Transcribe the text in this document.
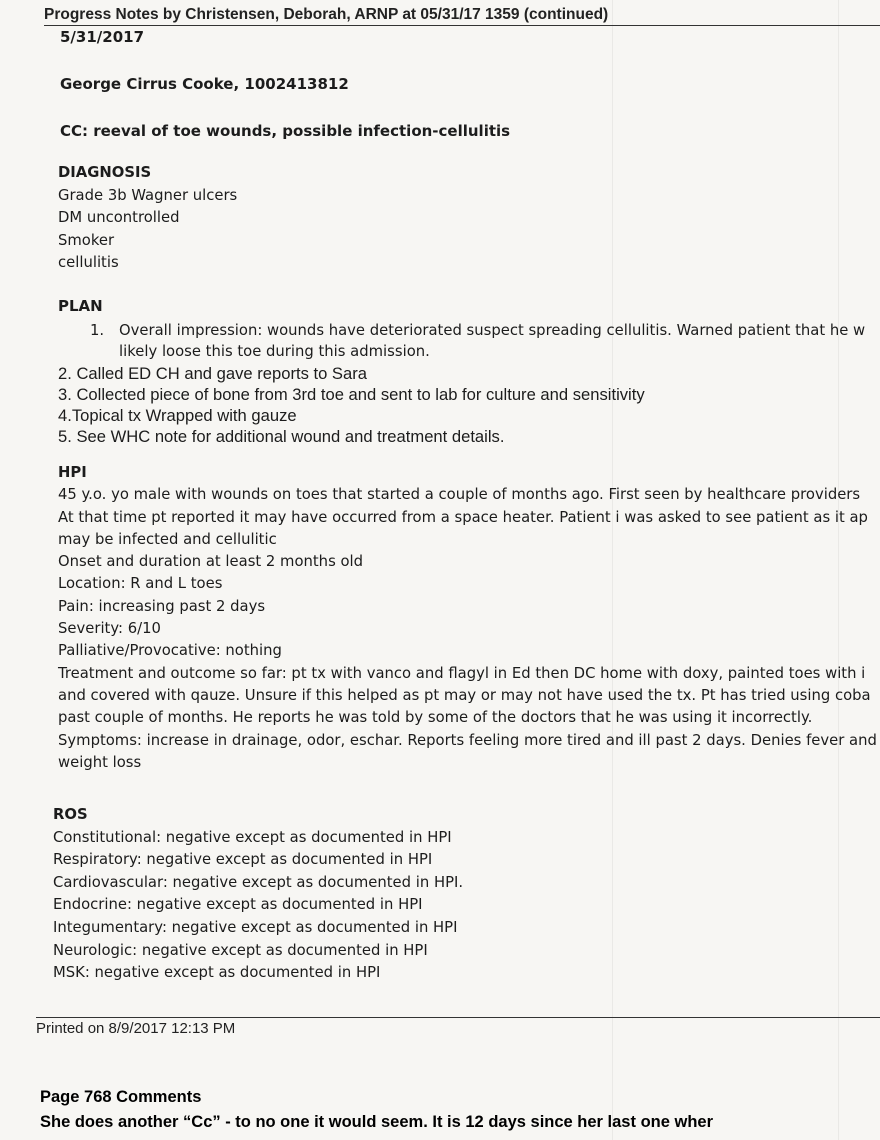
Progress Notes by Christensen, Deborah, ARNP at 05/31/17 1359 (continued)
5/31/2017
George Cirrus Cooke, 1002413812
CC: reeval of toe wounds, possible infection-cellulitis
DIAGNOSIS
Grade 3b Wagner ulcers
DM uncontrolled
Smoker
cellulitis
PLAN
1. Overall impression: wounds have deteriorated suspect spreading cellulitis. Warned patient that he w
likely loose this toe during this admission.
2. Called ED CH and gave reports to Sara
3. Collected piece of bone from 3rd toe and sent to lab for culture and sensitivity
4.Topical tx Wrapped with gauze
5. See WHC note for additional wound and treatment details.
HPI
45 y.o. yo male with wounds on toes that started a couple of months ago. First seen by healthcare providers
At that time pt reported it may have occurred from a space heater. Patient i was asked to see patient as it ap
may be infected and cellulitic
Onset and duration at least 2 months old
Location: R and L toes
Pain: increasing past 2 days
Severity: 6/10
Palliative/Provocative: nothing
Treatment and outcome so far: pt tx with vanco and flagyl in Ed then DC home with doxy, painted toes with i
and covered with qauze. Unsure if this helped as pt may or may not have used the tx. Pt has tried using coba
past couple of months. He reports he was told by some of the doctors that he was using it incorrectly.
Symptoms: increase in drainage, odor, eschar. Reports feeling more tired and ill past 2 days. Denies fever and
weight loss
ROS
Constitutional: negative except as documented in HPI
Respiratory: negative except as documented in HPI
Cardiovascular: negative except as documented in HPI.
Endocrine: negative except as documented in HPI
Integumentary: negative except as documented in HPI
Neurologic: negative except as documented in HPI
MSK: negative except as documented in HPI
Printed on 8/9/2017 12:13 PM
Page 768 Comments
She does another “Cc” - to no one it would seem. It is 12 days since her last one wher
